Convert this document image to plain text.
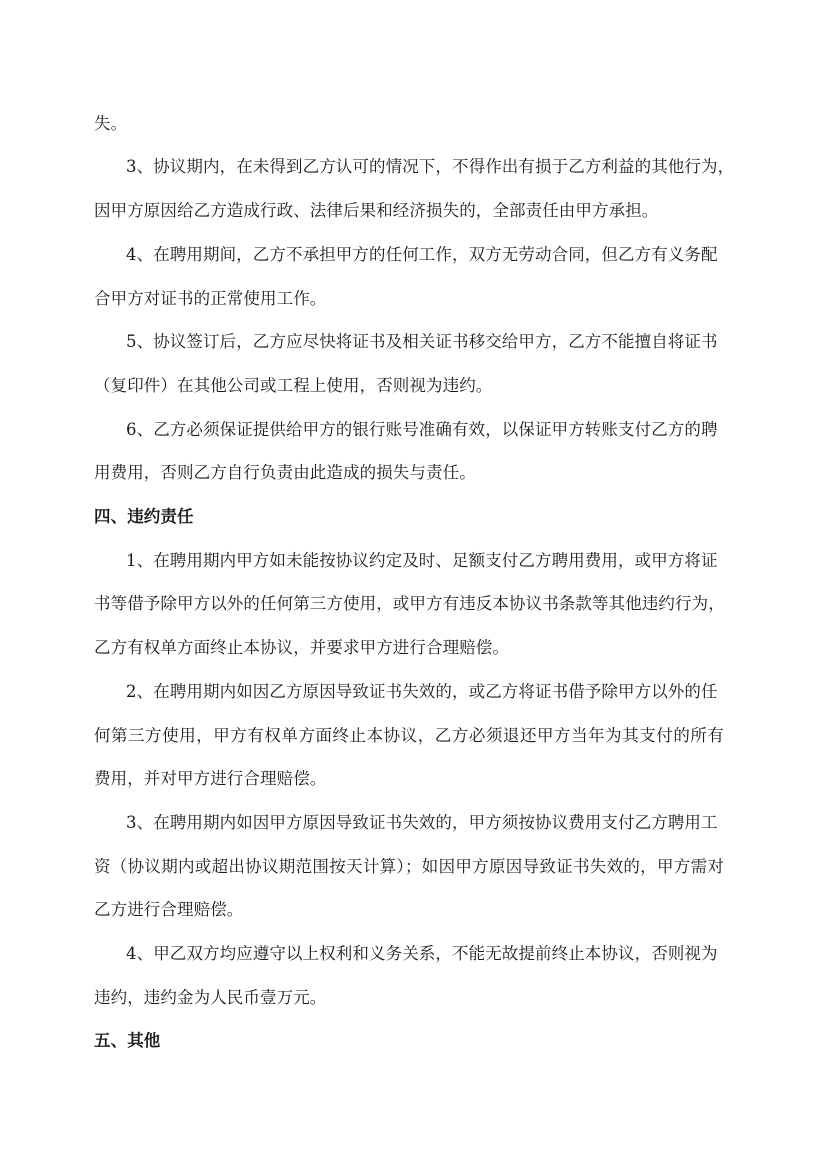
失。
3、协议期内，在未得到乙方认可的情况下，不得作出有损于乙方利益的其他行为，
因甲方原因给乙方造成行政、法律后果和经济损失的，全部责任由甲方承担。
4、在聘用期间，乙方不承担甲方的任何工作，双方无劳动合同，但乙方有义务配
合甲方对证书的正常使用工作。
5、协议签订后，乙方应尽快将证书及相关证书移交给甲方，乙方不能擅自将证书
（复印件）在其他公司或工程上使用，否则视为违约。
6、乙方必须保证提供给甲方的银行账号准确有效，以保证甲方转账支付乙方的聘
用费用，否则乙方自行负责由此造成的损失与责任。
四、违约责任
1、在聘用期内甲方如未能按协议约定及时、足额支付乙方聘用费用，或甲方将证
书等借予除甲方以外的任何第三方使用，或甲方有违反本协议书条款等其他违约行为，
乙方有权单方面终止本协议，并要求甲方进行合理赔偿。
2、在聘用期内如因乙方原因导致证书失效的，或乙方将证书借予除甲方以外的任
何第三方使用，甲方有权单方面终止本协议，乙方必须退还甲方当年为其支付的所有
费用，并对甲方进行合理赔偿。
3、在聘用期内如因甲方原因导致证书失效的，甲方须按协议费用支付乙方聘用工
资（协议期内或超出协议期范围按天计算）；如因甲方原因导致证书失效的，甲方需对
乙方进行合理赔偿。
4、甲乙双方均应遵守以上权利和义务关系，不能无故提前终止本协议，否则视为
违约，违约金为人民币壹万元。
五、其他
